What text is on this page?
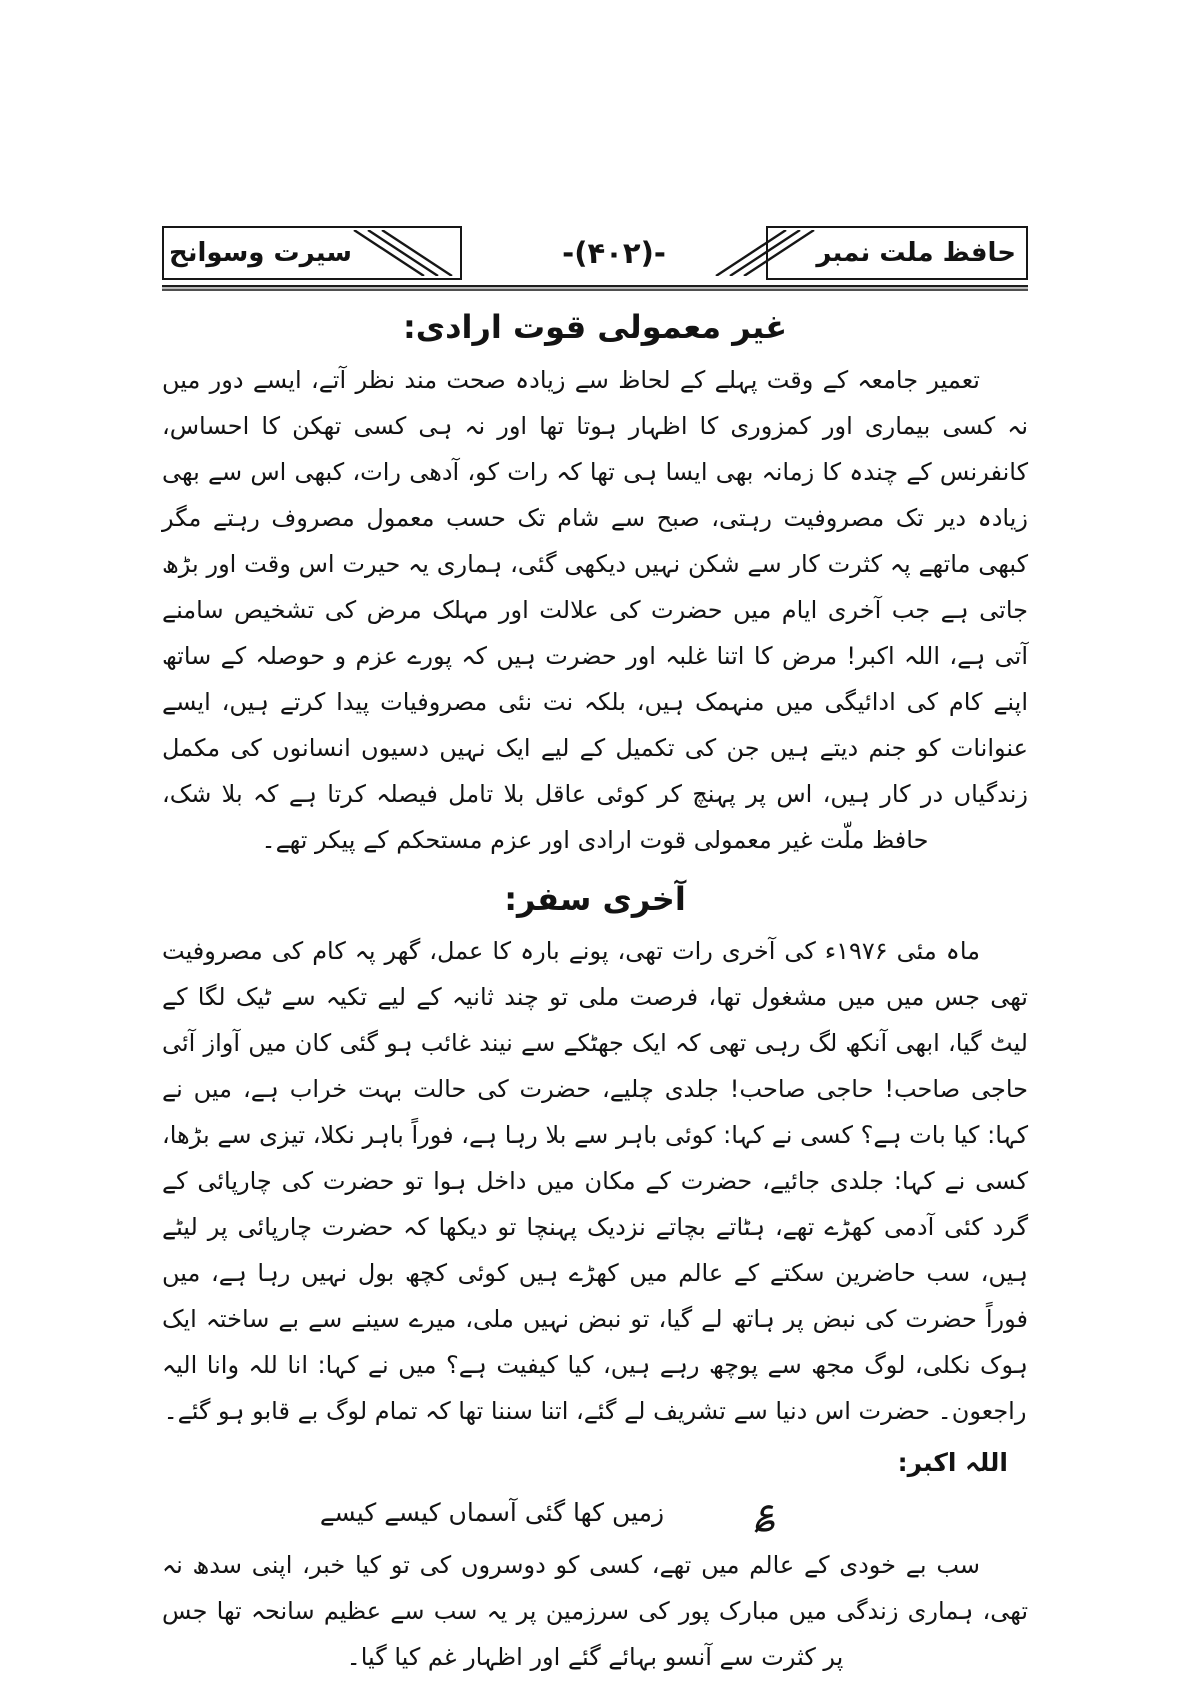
حافظ ملت نمبر
-(۴۰۲)-
سیرت وسوانح
غیر معمولی قوت ارادی:

تعمیر جامعہ کے وقت پہلے کے لحاظ سے زیادہ صحت مند نظر آتے، ایسے دور میں نہ کسی بیماری اور کمزوری کا اظہار ہوتا تھا اور نہ ہی کسی تھکن کا احساس، کانفرنس کے چندہ کا زمانہ بھی ایسا ہی تھا کہ رات کو، آدھی رات، کبھی اس سے بھی زیادہ دیر تک مصروفیت رہتی، صبح سے شام تک حسب معمول مصروف رہتے مگر کبھی ماتھے پہ کثرت کار سے شکن نہیں دیکھی گئی، ہماری یہ حیرت اس وقت اور بڑھ جاتی ہے جب آخری ایام میں حضرت کی علالت اور مہلک مرض کی تشخیص سامنے آتی ہے، اللہ اکبر! مرض کا اتنا غلبہ اور حضرت ہیں کہ پورے عزم و حوصلہ کے ساتھ اپنے کام کی ادائیگی میں منہمک ہیں، بلکہ نت نئی مصروفیات پیدا کرتے ہیں، ایسے عنوانات کو جنم دیتے ہیں جن کی تکمیل کے لیے ایک نہیں دسیوں انسانوں کی مکمل زندگیاں در کار ہیں، اس پر پہنچ کر کوئی عاقل بلا تامل فیصلہ کرتا ہے کہ بلا شک، حافظ ملّت غیر معمولی قوت ارادی اور عزم مستحکم کے پیکر تھے۔

آخری سفر:

ماہ مئی ۱۹۷۶ء کی آخری رات تھی، پونے بارہ کا عمل، گھر پہ کام کی مصروفیت تھی جس میں میں مشغول تھا، فرصت ملی تو چند ثانیہ کے لیے تکیہ سے ٹیک لگا کے لیٹ گیا، ابھی آنکھ لگ رہی تھی کہ ایک جھٹکے سے نیند غائب ہو گئی کان میں آواز آئی حاجی صاحب! حاجی صاحب! جلدی چلیے، حضرت کی حالت بہت خراب ہے، میں نے کہا: کیا بات ہے؟ کسی نے کہا: کوئی باہر سے بلا رہا ہے، فوراً باہر نکلا، تیزی سے بڑھا، کسی نے کہا: جلدی جائیے، حضرت کے مکان میں داخل ہوا تو حضرت کی چارپائی کے گرد کئی آدمی کھڑے تھے، ہٹاتے بچاتے نزدیک پہنچا تو دیکھا کہ حضرت چارپائی پر لیٹے ہیں، سب حاضرین سکتے کے عالم میں کھڑے ہیں کوئی کچھ بول نہیں رہا ہے، میں فوراً حضرت کی نبض پر ہاتھ لے گیا، تو نبض نہیں ملی، میرے سینے سے بے ساختہ ایک ہوک نکلی، لوگ مجھ سے پوچھ رہے ہیں، کیا کیفیت ہے؟ میں نے کہا: انا للہ وانا الیہ راجعون۔ حضرت اس دنیا سے تشریف لے گئے، اتنا سننا تھا کہ تمام لوگ بے قابو ہو گئے۔

اللہ اکبر:
؏
زمیں کھا گئی آسماں کیسے کیسے

سب بے خودی کے عالم میں تھے، کسی کو دوسروں کی تو کیا خبر، اپنی سدھ نہ تھی، ہماری زندگی میں مبارک پور کی سرزمین پر یہ سب سے عظیم سانحہ تھا جس پر کثرت سے آنسو بہائے گئے اور اظہار غم کیا گیا۔
